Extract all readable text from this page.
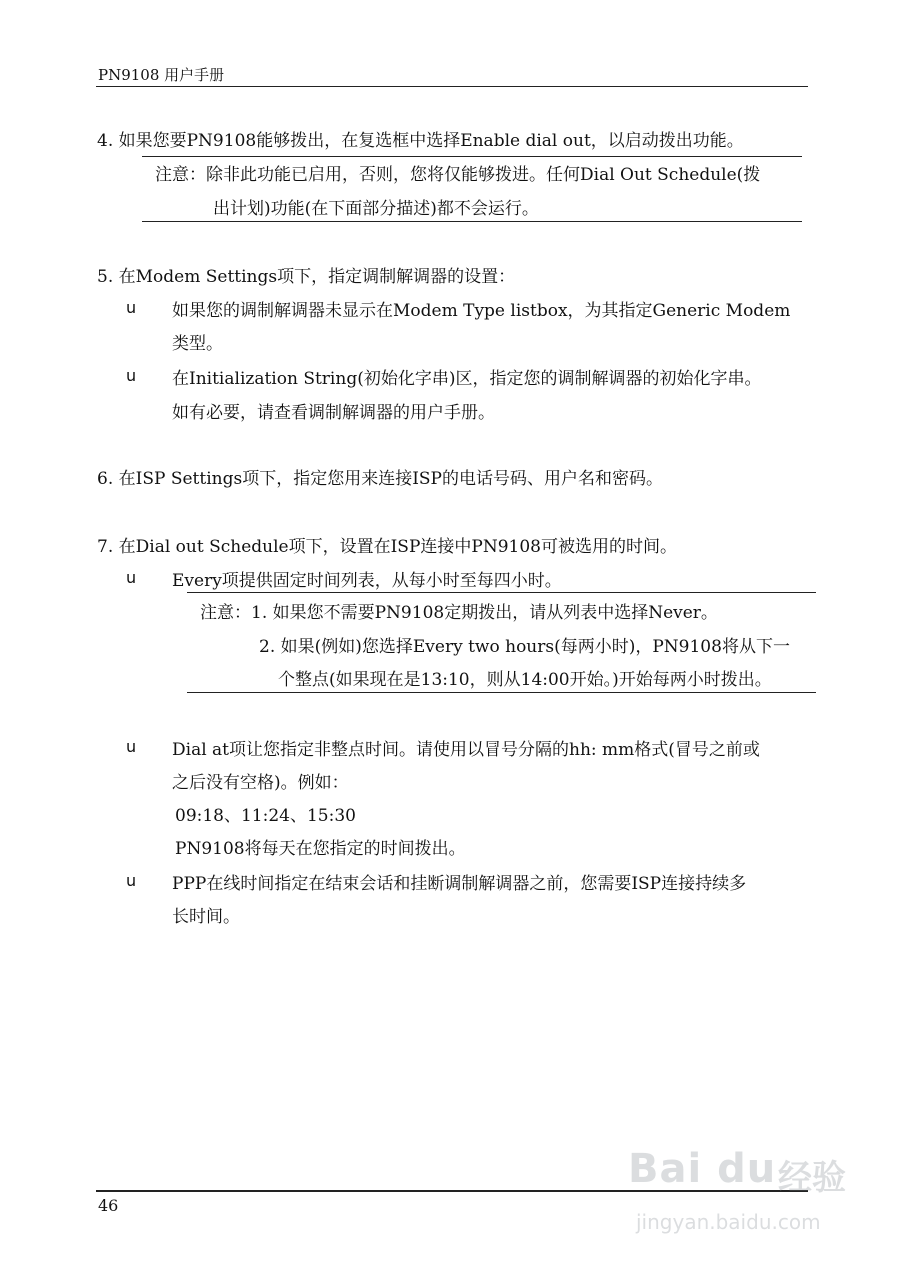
PN9108 用户手册
4. 如果您要PN9108能够拨出，在复选框中选择Enable dial out，以启动拨出功能。
注意：除非此功能已启用，否则，您将仅能够拨进。任何Dial Out Schedule(拨
出计划)功能(在下面部分描述)都不会运行。
5. 在Modem Settings项下，指定调制解调器的设置：
u 如果您的调制解调器未显示在Modem Type listbox，为其指定Generic Modem
类型。
u 在Initialization String(初始化字串)区，指定您的调制解调器的初始化字串。
如有必要，请查看调制解调器的用户手册。
6. 在ISP Settings项下，指定您用来连接ISP的电话号码、用户名和密码。
7. 在Dial out Schedule项下，设置在ISP连接中PN9108可被选用的时间。
u Every项提供固定时间列表，从每小时至每四小时。
注意：1. 如果您不需要PN9108定期拨出，请从列表中选择Never。
2. 如果(例如)您选择Every two hours(每两小时)，PN9108将从下一
个整点(如果现在是13:10，则从14:00开始。)开始每两小时拨出。
u Dial at项让您指定非整点时间。请使用以冒号分隔的hh: mm格式(冒号之前或
之后没有空格)。例如：
09:18、11:24、15:30
PN9108将每天在您指定的时间拨出。
u PPP在线时间指定在结束会话和挂断调制解调器之前，您需要ISP连接持续多
长时间。
46
Bai du 经验
jingyan.baidu.com
